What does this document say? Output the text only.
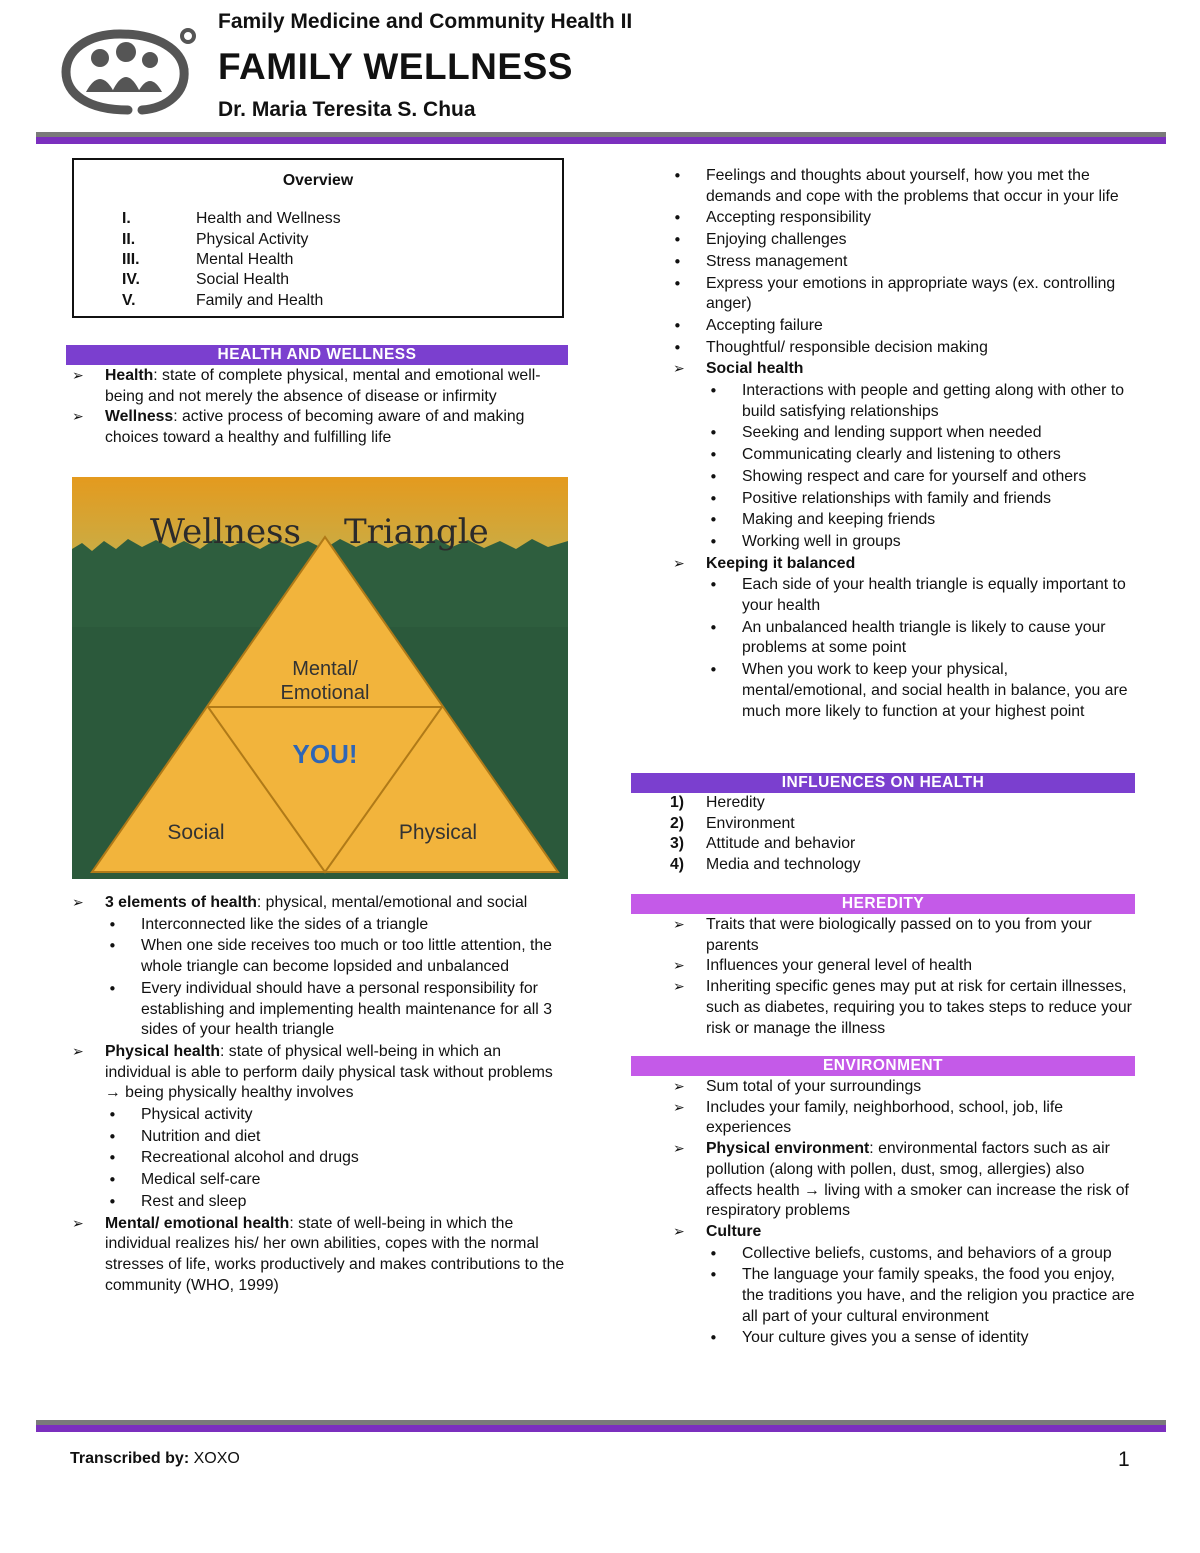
Family Medicine and Community Health II
FAMILY WELLNESS
Dr. Maria Teresita S. Chua
Overview
I.	Health and Wellness
II.	Physical Activity
III.	Mental Health
IV.	Social Health
V.	Family and Health
HEALTH AND WELLNESS
➢ Health: state of complete physical, mental and emotional well-being and not merely the absence of disease or infirmity
➢ Wellness: active process of becoming aware of and making choices toward a healthy and fulfilling life
Wellness Triangle
Mental/
Emotional
YOU!
Social	Physical
➢ 3 elements of health: physical, mental/emotional and social
• Interconnected like the sides of a triangle
• When one side receives too much or too little attention, the whole triangle can become lopsided and unbalanced
• Every individual should have a personal responsibility for establishing and implementing health maintenance for all 3 sides of your health triangle
➢ Physical health: state of physical well-being in which an individual is able to perform daily physical task without problems → being physically healthy involves
• Physical activity
• Nutrition and diet
• Recreational alcohol and drugs
• Medical self-care
• Rest and sleep
➢ Mental/ emotional health: state of well-being in which the individual realizes his/ her own abilities, copes with the normal stresses of life, works productively and makes contributions to the community (WHO, 1999)
• Feelings and thoughts about yourself, how you met the demands and cope with the problems that occur in your life
• Accepting responsibility
• Enjoying challenges
• Stress management
• Express your emotions in appropriate ways (ex. controlling anger)
• Accepting failure
• Thoughtful/ responsible decision making
➢ Social health
• Interactions with people and getting along with other to build satisfying relationships
• Seeking and lending support when needed
• Communicating clearly and listening to others
• Showing respect and care for yourself and others
• Positive relationships with family and friends
• Making and keeping friends
• Working well in groups
➢ Keeping it balanced
• Each side of your health triangle is equally important to your health
• An unbalanced health triangle is likely to cause your problems at some point
• When you work to keep your physical, mental/emotional, and social health in balance, you are much more likely to function at your highest point
INFLUENCES ON HEALTH
1) Heredity
2) Environment
3) Attitude and behavior
4) Media and technology
HEREDITY
➢ Traits that were biologically passed on to you from your parents
➢ Influences your general level of health
➢ Inheriting specific genes may put at risk for certain illnesses, such as diabetes, requiring you to takes steps to reduce your risk or manage the illness
ENVIRONMENT
➢ Sum total of your surroundings
➢ Includes your family, neighborhood, school, job, life experiences
➢ Physical environment: environmental factors such as air pollution (along with pollen, dust, smog, allergies) also affects health → living with a smoker can increase the risk of respiratory problems
➢ Culture
• Collective beliefs, customs, and behaviors of a group
• The language your family speaks, the food you enjoy, the traditions you have, and the religion you practice are all part of your cultural environment
• Your culture gives you a sense of identity
Transcribed by: XOXO	1
